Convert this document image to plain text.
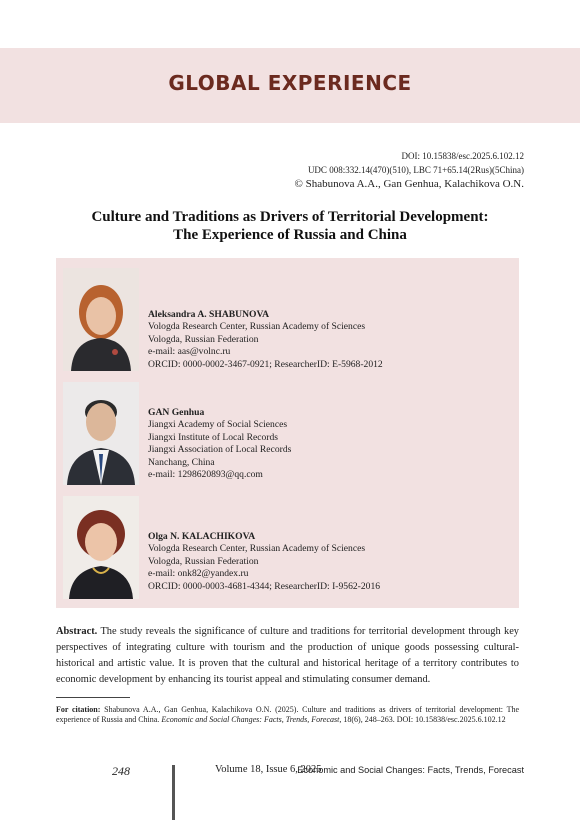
GLOBAL EXPERIENCE
DOI: 10.15838/esc.2025.6.102.12
UDC 008:332.14(470)(510), LBC 71+65.14(2Rus)(5China)
© Shabunova A.A., Gan Genhua, Kalachikova O.N.
Culture and Traditions as Drivers of Territorial Development:
The Experience of Russia and China
Aleksandra A. SHABUNOVA
Vologda Research Center, Russian Academy of Sciences
Vologda, Russian Federation
e-mail: aas@volnc.ru
ORCID: 0000-0002-3467-0921; ResearcherID: E-5968-2012
GAN Genhua
Jiangxi Academy of Social Sciences
Jiangxi Institute of Local Records
Jiangxi Association of Local Records
Nanchang, China
e-mail: 1298620893@qq.com
Olga N. KALACHIKOVA
Vologda Research Center, Russian Academy of Sciences
Vologda, Russian Federation
e-mail: onk82@yandex.ru
ORCID: 0000-0003-4681-4344; ResearcherID: I-9562-2016
Abstract. The study reveals the significance of culture and traditions for territorial development through key perspectives of integrating culture with tourism and the production of unique goods possessing cultural-historical and artistic value. It is proven that the cultural and historical heritage of a territory contributes to economic development by enhancing its tourist appeal and stimulating consumer demand.
For citation: Shabunova A.A., Gan Genhua, Kalachikova O.N. (2025). Culture and traditions as drivers of territorial development: The experience of Russia and China. Economic and Social Changes: Facts, Trends, Forecast, 18(6), 248–263. DOI: 10.15838/esc.2025.6.102.12
248	Volume 18, Issue 6, 2025
Economic and Social Changes: Facts, Trends, Forecast
